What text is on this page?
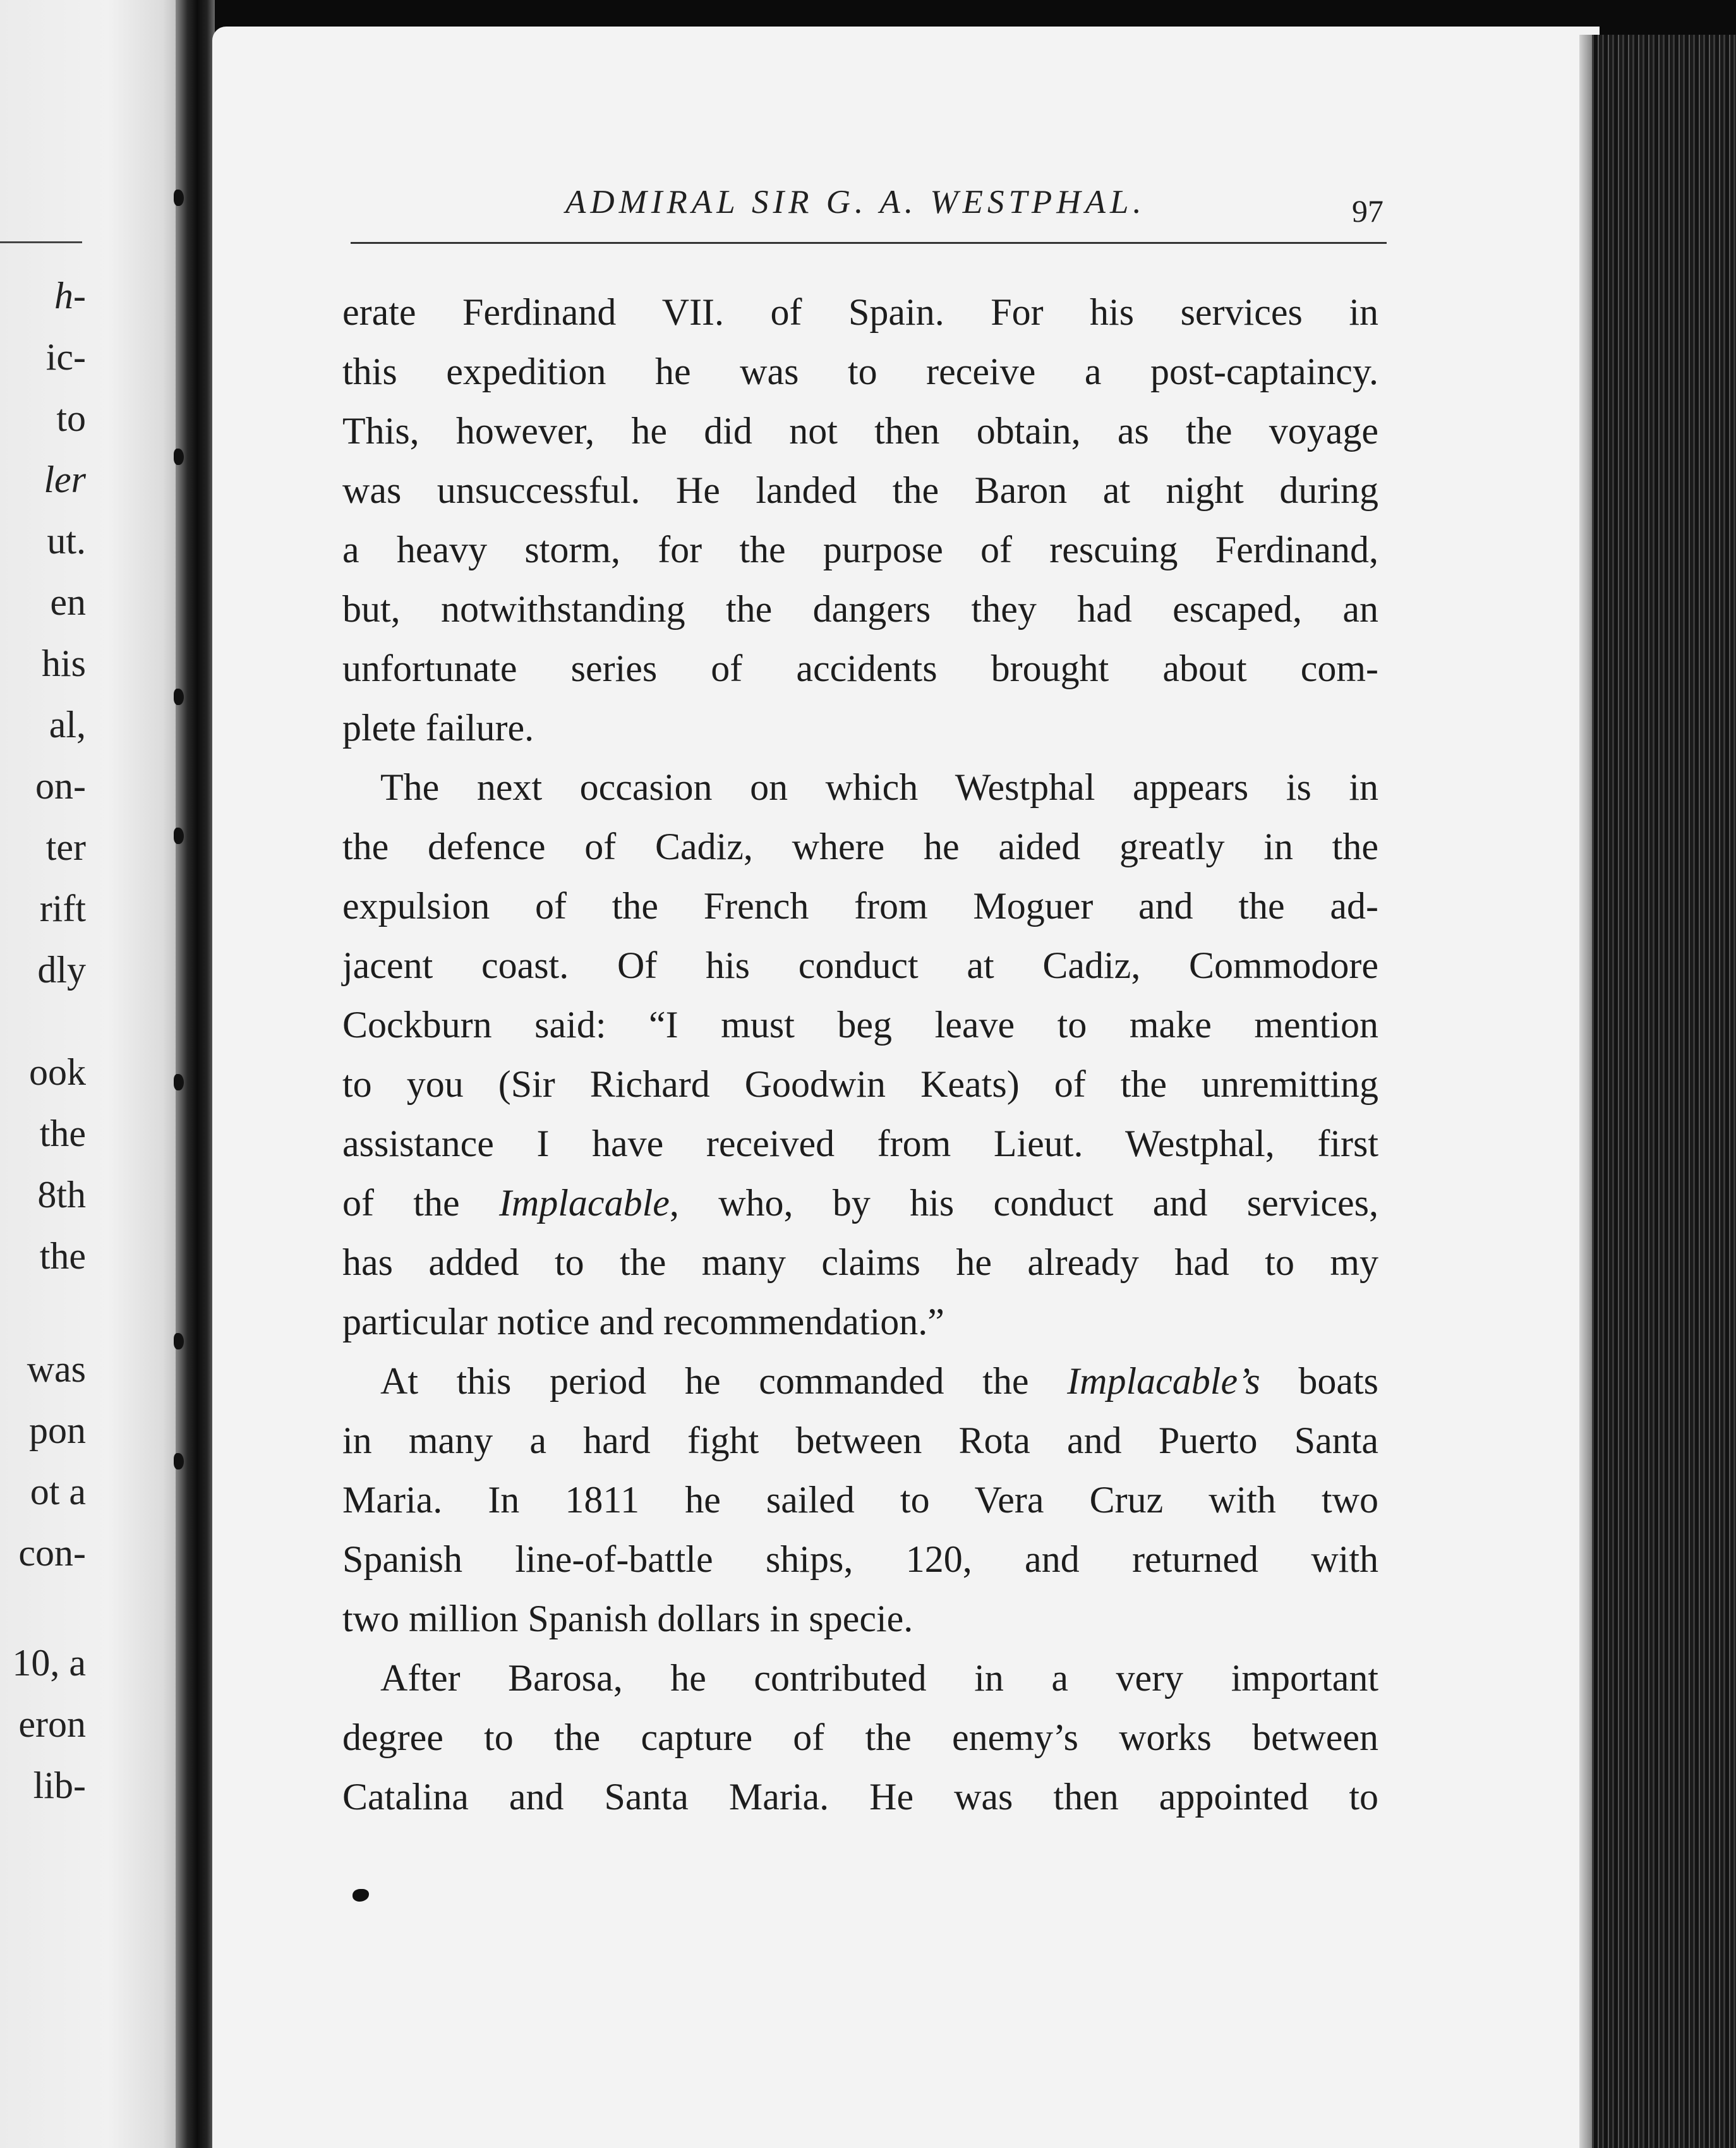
h-
ic-
to
ler
ut.
en
his
al,
on-
ter
rift
dly
ook
the
8th
the
was
pon
ot a
con-
10, a
eron
lib-
ADMIRAL SIR G. A. WESTPHAL.	97
erate Ferdinand VII. of Spain. For his services in
this expedition he was to receive a post-captaincy.
This, however, he did not then obtain, as the voyage
was unsuccessful. He landed the Baron at night during
a heavy storm, for the purpose of rescuing Ferdinand,
but, notwithstanding the dangers they had escaped, an
unfortunate series of accidents brought about com-
plete failure.
The next occasion on which Westphal appears is in
the defence of Cadiz, where he aided greatly in the
expulsion of the French from Moguer and the ad-
jacent coast. Of his conduct at Cadiz, Commodore
Cockburn said: “I must beg leave to make mention
to you (Sir Richard Goodwin Keats) of the unremitting
assistance I have received from Lieut. Westphal, first
of the Implacable, who, by his conduct and services,
has added to the many claims he already had to my
particular notice and recommendation.”
At this period he commanded the Implacable’s boats
in many a hard fight between Rota and Puerto Santa
Maria. In 1811 he sailed to Vera Cruz with two
Spanish line-of-battle ships, 120, and returned with
two million Spanish dollars in specie.
After Barosa, he contributed in a very important
degree to the capture of the enemy’s works between
Catalina and Santa Maria. He was then appointed to
